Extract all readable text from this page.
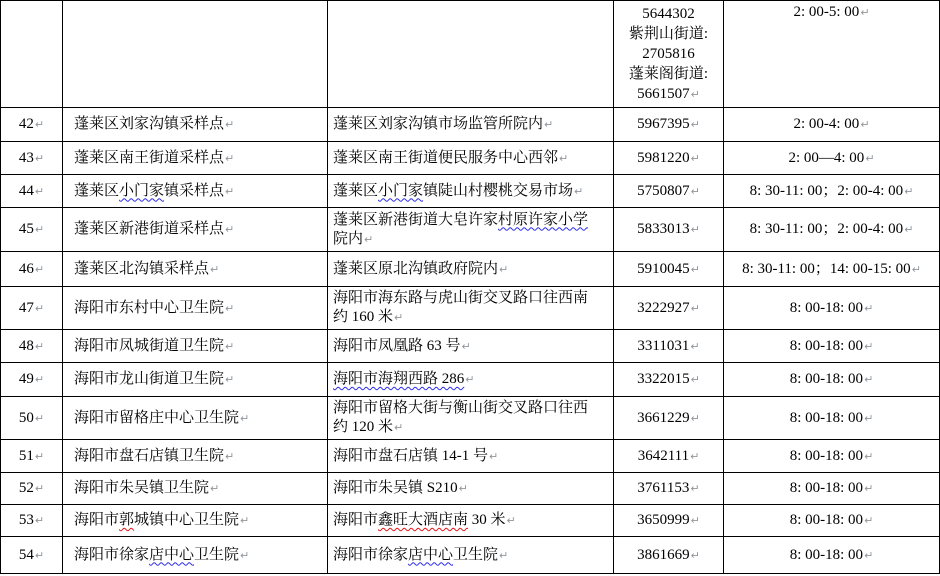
			5644302
紫荆山街道:
2705816
蓬莱阁街道:
5661507↵	2: 00-5: 00↵
42↵	蓬莱区刘家沟镇采样点↵	蓬莱区刘家沟镇市场监管所院内↵	5967395↵	2: 00-4: 00↵
43↵	蓬莱区南王街道采样点↵	蓬莱区南王街道便民服务中心西邻↵	5981220↵	2: 00—4: 00↵
44↵	蓬莱区小门家镇采样点↵	蓬莱区小门家镇陡山村樱桃交易市场↵	5750807↵	8: 30-11: 00；2: 00-4: 00↵
45↵	蓬莱区新港街道采样点↵	蓬莱区新港街道大皂许家村原许家小学
院内↵	5833013↵	8: 30-11: 00；2: 00-4: 00↵
46↵	蓬莱区北沟镇采样点↵	蓬莱区原北沟镇政府院内↵	5910045↵	8: 30-11: 00；14: 00-15: 00↵
47↵	海阳市东村中心卫生院↵	海阳市海东路与虎山街交叉路口往西南
约 160 米↵	3222927↵	8: 00-18: 00↵
48↵	海阳市凤城街道卫生院↵	海阳市凤凰路 63 号↵	3311031↵	8: 00-18: 00↵
49↵	海阳市龙山街道卫生院↵	海阳市海翔西路 286↵	3322015↵	8: 00-18: 00↵
50↵	海阳市留格庄中心卫生院↵	海阳市留格大街与衡山街交叉路口往西
约 120 米↵	3661229↵	8: 00-18: 00↵
51↵	海阳市盘石店镇卫生院↵	海阳市盘石店镇 14-1 号↵	3642111↵	8: 00-18: 00↵
52↵	海阳市朱吴镇卫生院↵	海阳市朱吴镇 S210↵	3761153↵	8: 00-18: 00↵
53↵	海阳市郭城镇中心卫生院↵	海阳市鑫旺大酒店南 30 米↵	3650999↵	8: 00-18: 00↵
54↵	海阳市徐家店中心卫生院↵	海阳市徐家店中心卫生院↵	3861669↵	8: 00-18: 00↵
